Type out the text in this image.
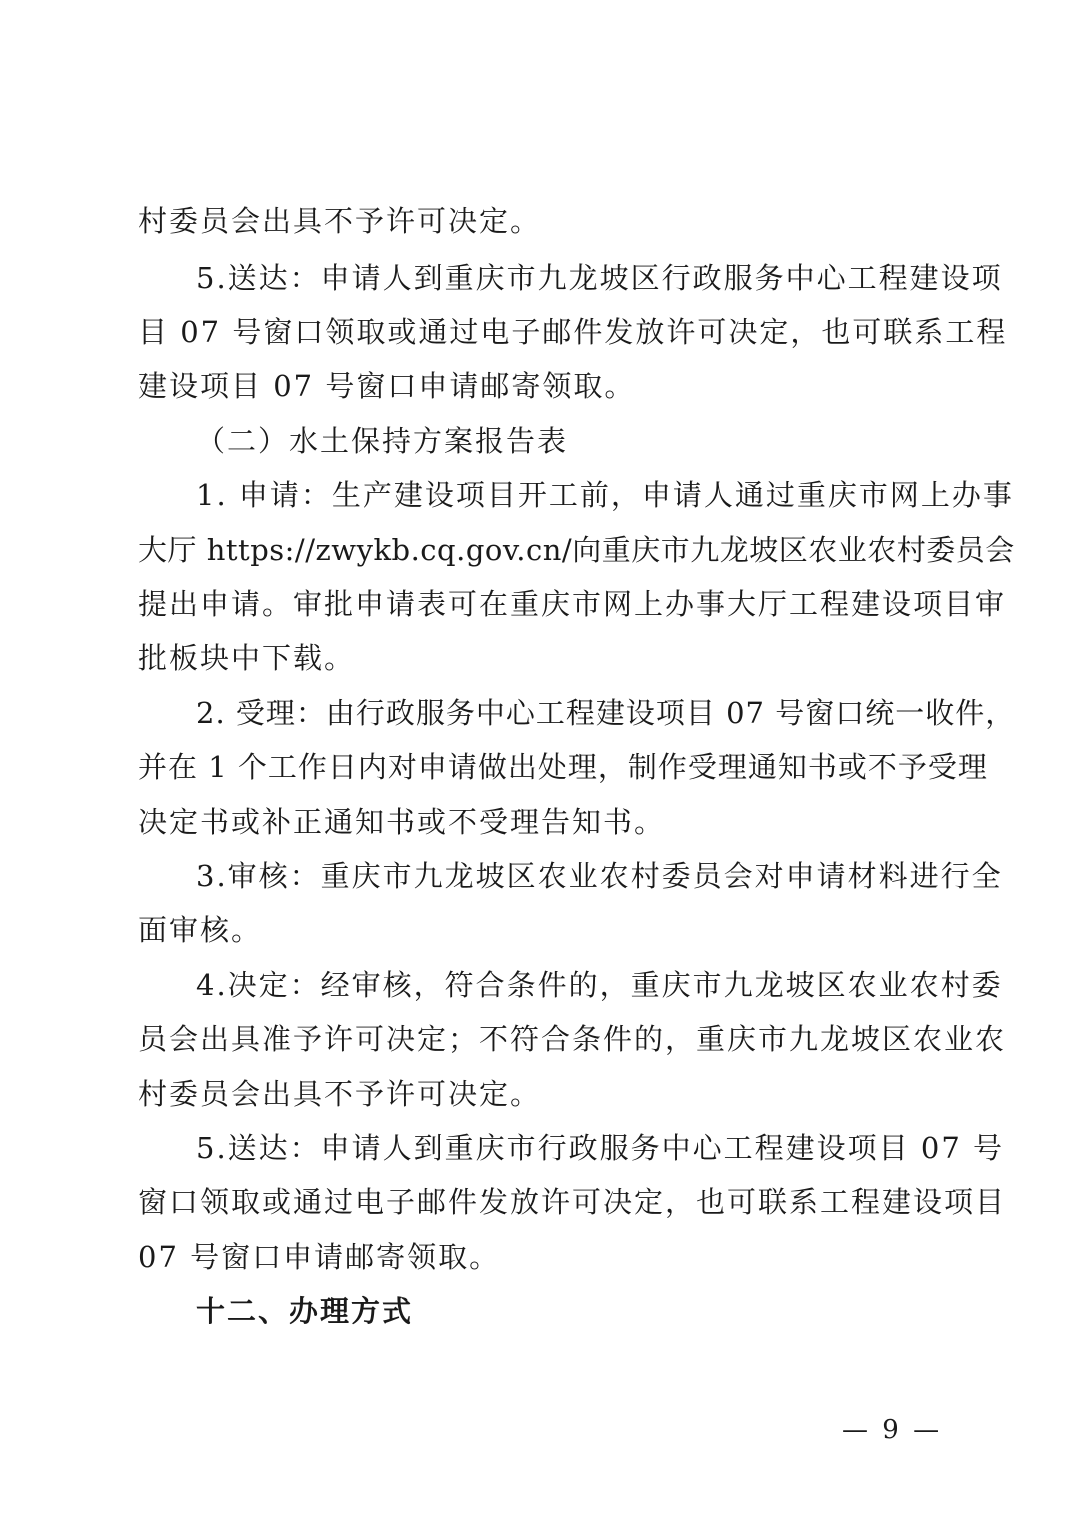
村委员会出具不予许可决定。
5.送达：申请人到重庆市九龙坡区行政服务中心工程建设项
目 07 号窗口领取或通过电子邮件发放许可决定，也可联系工程
建设项目 07 号窗口申请邮寄领取。
（二）水土保持方案报告表
1. 申请：生产建设项目开工前，申请人通过重庆市网上办事
大厅 https://zwykb.cq.gov.cn/向重庆市九龙坡区农业农村委员会
提出申请。审批申请表可在重庆市网上办事大厅工程建设项目审
批板块中下载。
2. 受理：由行政服务中心工程建设项目 07 号窗口统一收件，
并在 1 个工作日内对申请做出处理，制作受理通知书或不予受理
决定书或补正通知书或不受理告知书。
3.审核：重庆市九龙坡区农业农村委员会对申请材料进行全
面审核。
4.决定：经审核，符合条件的，重庆市九龙坡区农业农村委
员会出具准予许可决定；不符合条件的，重庆市九龙坡区农业农
村委员会出具不予许可决定。
5.送达：申请人到重庆市行政服务中心工程建设项目 07 号
窗口领取或通过电子邮件发放许可决定，也可联系工程建设项目
07 号窗口申请邮寄领取。
十二、办理方式
— 9 —
